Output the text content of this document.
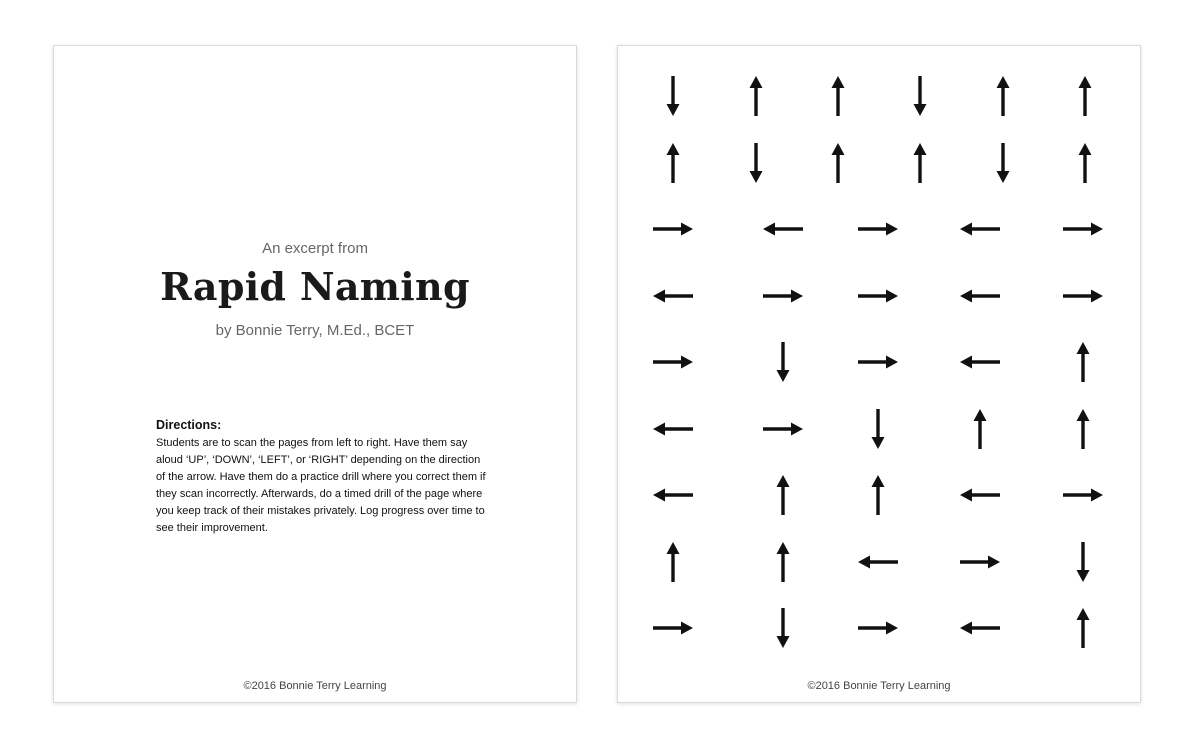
An excerpt from
Rapid Naming
by Bonnie Terry, M.Ed., BCET

Directions:

Students are to scan the pages from left to right. Have them say aloud ‘UP’, ‘DOWN’, ‘LEFT’, or ‘RIGHT’ depending on the direction of the arrow. Have them do a practice drill where you correct them if they scan incorrectly. Afterwards, do a timed drill of the page where you keep track of their mistakes privately. Log progress over time to see their improvement.

©2016 Bonnie Terry Learning	©2016 Bonnie Terry Learning
